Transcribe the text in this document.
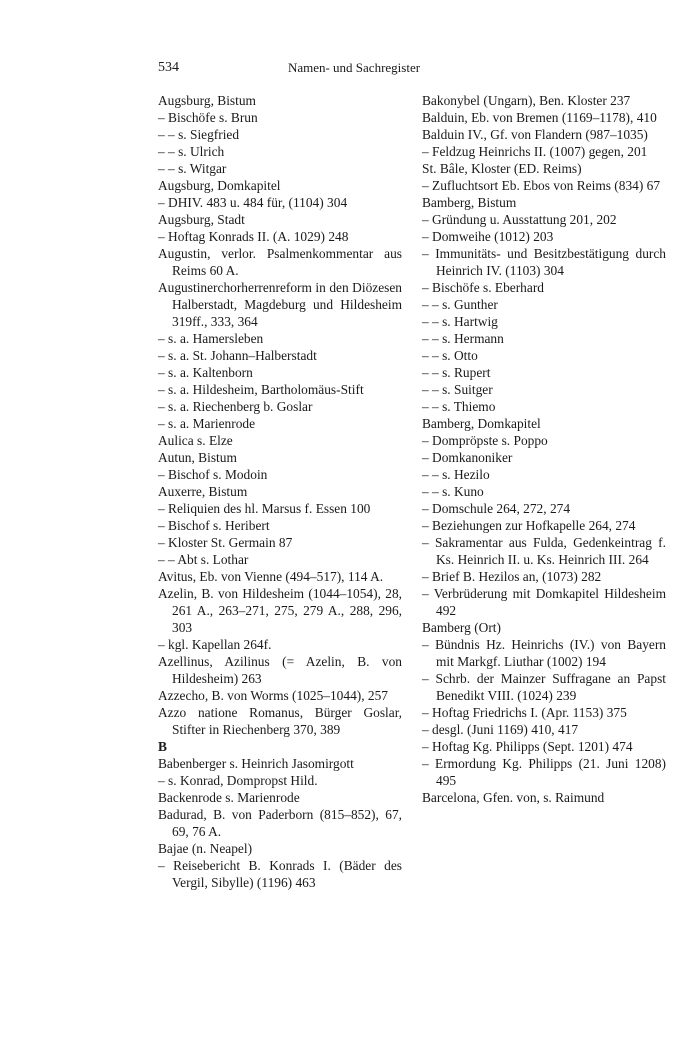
534	Namen- und Sachregister

Augsburg, Bistum

– Bischöfe s. Brun

– – s. Siegfried

– – s. Ulrich

– – s. Witgar

Augsburg, Domkapitel

– DHIV. 483 u. 484 für, (1104) 304

Augsburg, Stadt

– Hoftag Konrads II. (A. 1029) 248

Augustin, verlor. Psalmenkommentar aus Reims 60 A.

Augustinerchorherrenreform in den Diözesen Halberstadt, Magdeburg und Hildesheim 319ff., 333, 364

– s. a. Hamersleben

– s. a. St. Johann–Halberstadt

– s. a. Kaltenborn

– s. a. Hildesheim, Bartholomäus-Stift

– s. a. Riechenberg b. Goslar

– s. a. Marienrode

Aulica s. Elze

Autun, Bistum

– Bischof s. Modoin

Auxerre, Bistum

– Reliquien des hl. Marsus f. Essen 100

– Bischof s. Heribert

– Kloster St. Germain 87

– – Abt s. Lothar

Avitus, Eb. von Vienne (494–517), 114 A.

Azelin, B. von Hildesheim (1044–1054), 28, 261 A., 263–271, 275, 279 A., 288, 296, 303

– kgl. Kapellan 264f.

Azellinus, Azilinus (= Azelin, B. von Hildesheim) 263

Azzecho, B. von Worms (1025–1044), 257

Azzo natione Romanus, Bürger Goslar, Stifter in Riechenberg 370, 389

B

Babenberger s. Heinrich Jasomirgott

– s. Konrad, Dompropst Hild.

Backenrode s. Marienrode

Badurad, B. von Paderborn (815–852), 67, 69, 76 A.

Bajae (n. Neapel)

– Reisebericht B. Konrads I. (Bäder des Vergil, Sibylle) (1196) 463

Bakonybel (Ungarn), Ben. Kloster 237

Balduin, Eb. von Bremen (1169–1178), 410

Balduin IV., Gf. von Flandern (987–1035)

– Feldzug Heinrichs II. (1007) gegen, 201

St. Bâle, Kloster (ED. Reims)

– Zufluchtsort Eb. Ebos von Reims (834) 67

Bamberg, Bistum

– Gründung u. Ausstattung 201, 202

– Domweihe (1012) 203

– Immunitäts- und Besitzbestätigung durch Heinrich IV. (1103) 304

– Bischöfe s. Eberhard

– – s. Gunther

– – s. Hartwig

– – s. Hermann

– – s. Otto

– – s. Rupert

– – s. Suitger

– – s. Thiemo

Bamberg, Domkapitel

– Dompröpste s. Poppo

– Domkanoniker

– – s. Hezilo

– – s. Kuno

– Domschule 264, 272, 274

– Beziehungen zur Hofkapelle 264, 274

– Sakramentar aus Fulda, Gedenkeintrag f. Ks. Heinrich II. u. Ks. Heinrich III. 264

– Brief B. Hezilos an, (1073) 282

– Verbrüderung mit Domkapitel Hildesheim 492

Bamberg (Ort)

– Bündnis Hz. Heinrichs (IV.) von Bayern mit Markgf. Liuthar (1002) 194

– Schrb. der Mainzer Suffragane an Papst Benedikt VIII. (1024) 239

– Hoftag Friedrichs I. (Apr. 1153) 375

– desgl. (Juni 1169) 410, 417

– Hoftag Kg. Philipps (Sept. 1201) 474

– Ermordung Kg. Philipps (21. Juni 1208) 495

Barcelona, Gfen. von, s. Raimund
